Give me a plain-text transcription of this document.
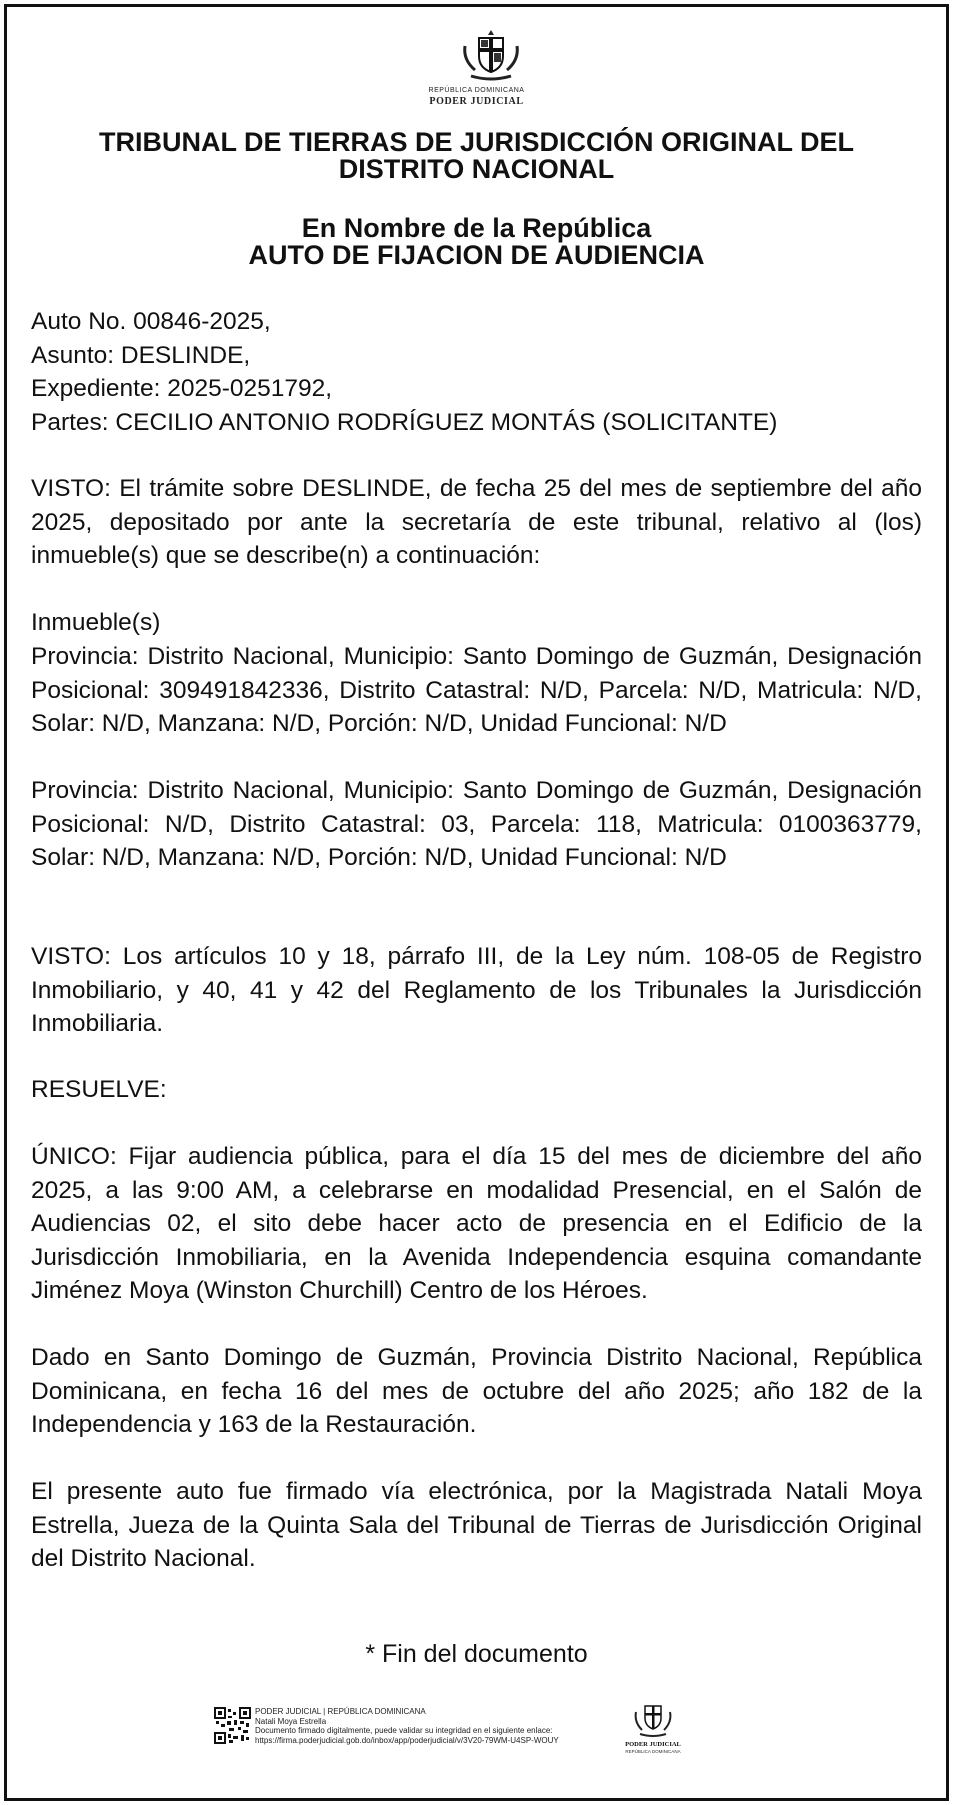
REPÚBLICA DOMINICANA
PODER JUDICIAL
TRIBUNAL DE TIERRAS DE JURISDICCIÓN ORIGINAL DEL
DISTRITO NACIONAL
En Nombre de la República
AUTO DE FIJACION DE AUDIENCIA
Auto No. 00846-2025,
Asunto: DESLINDE,
Expediente: 2025-0251792,
Partes: CECILIO ANTONIO RODRÍGUEZ MONTÁS (SOLICITANTE)
VISTO: El trámite sobre DESLINDE, de fecha 25 del mes de septiembre del año 2025, depositado por ante la secretaría de este tribunal, relativo al (los) inmueble(s) que se describe(n) a continuación:
Inmueble(s)
Provincia: Distrito Nacional, Municipio: Santo Domingo de Guzmán, Designación Posicional: 309491842336, Distrito Catastral: N/D, Parcela: N/D, Matricula: N/D, Solar: N/D, Manzana: N/D, Porción: N/D, Unidad Funcional: N/D
Provincia: Distrito Nacional, Municipio: Santo Domingo de Guzmán, Designación Posicional: N/D, Distrito Catastral: 03, Parcela: 118, Matricula: 0100363779, Solar: N/D, Manzana: N/D, Porción: N/D, Unidad Funcional: N/D
VISTO: Los artículos 10 y 18, párrafo III, de la Ley núm. 108-05 de Registro Inmobiliario, y 40, 41 y 42 del Reglamento de los Tribunales la Jurisdicción Inmobiliaria.
RESUELVE:
ÚNICO: Fijar audiencia pública, para el día 15 del mes de diciembre del año 2025, a las 9:00 AM, a celebrarse en modalidad Presencial, en el Salón de Audiencias 02, el sito debe hacer acto de presencia en el Edificio de la Jurisdicción Inmobiliaria, en la Avenida Independencia esquina comandante Jiménez Moya (Winston Churchill) Centro de los Héroes.
Dado en Santo Domingo de Guzmán, Provincia Distrito Nacional, República Dominicana, en fecha 16 del mes de octubre del año 2025; año 182 de la Independencia y 163 de la Restauración.
El presente auto fue firmado vía electrónica, por la Magistrada Natali Moya Estrella, Jueza de la Quinta Sala del Tribunal de Tierras de Jurisdicción Original del Distrito Nacional.
* Fin del documento
PODER JUDICIAL | REPÚBLICA DOMINICANA
Natali Moya Estrella
Documento firmado digitalmente, puede validar su integridad en el siguiente enlace:
https://firma.poderjudicial.gob.do/inbox/app/poderjudicial/v/3V20-79WM-U4SP-WOUY	PODER JUDICIAL
REPÚBLICA DOMINICANA
